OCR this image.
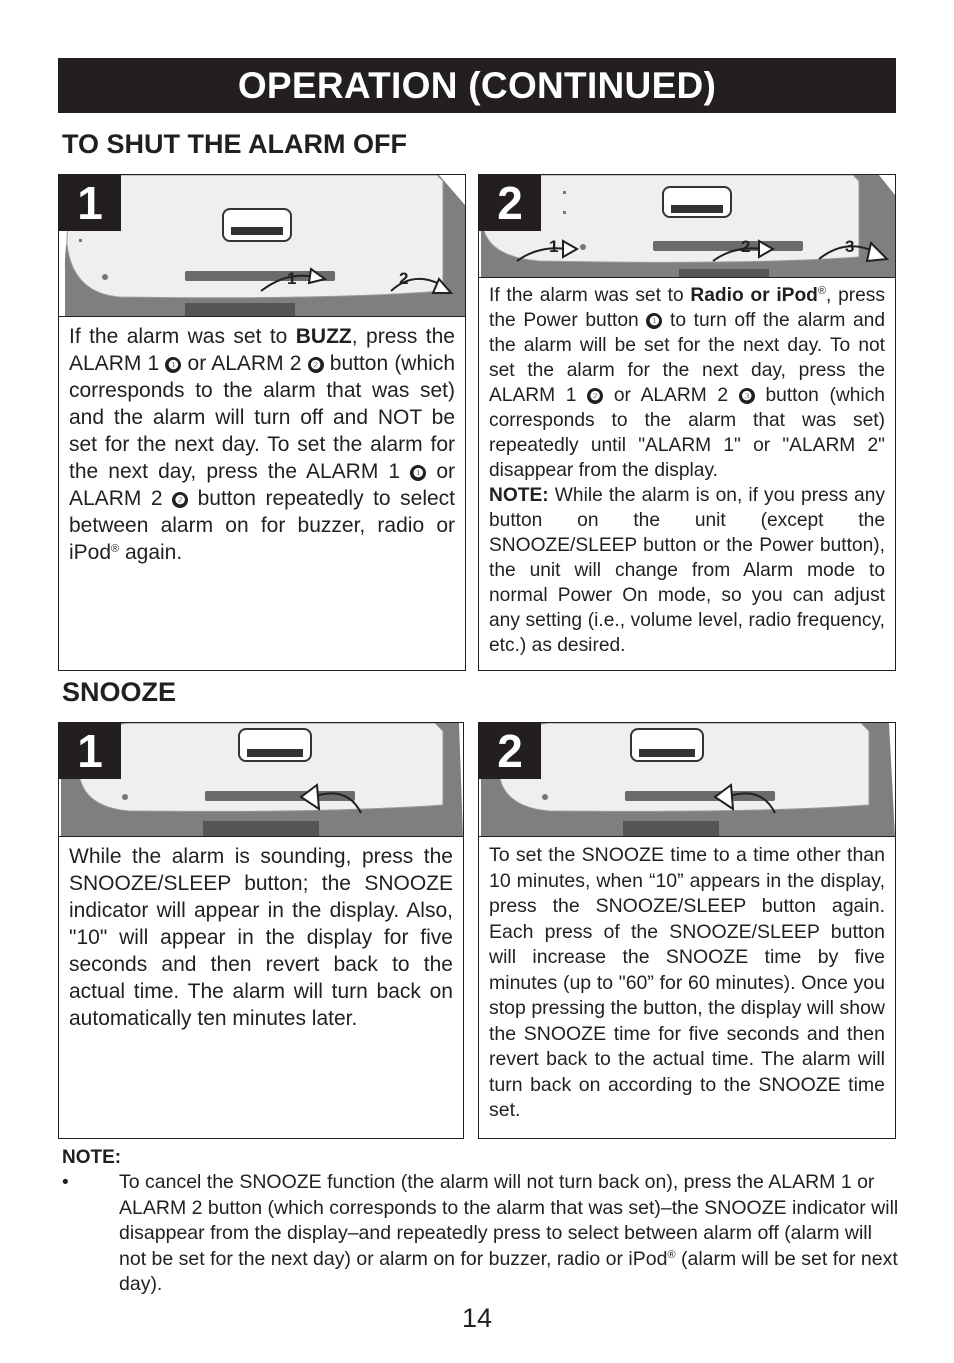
OPERATION (CONTINUED)
TO SHUT THE ALARM OFF
1	2
1

If the alarm was set to BUZZ, press the ALARM 1 ❶ or ALARM 2 ❷ button (which corresponds to the alarm that was set) and the alarm will turn off and NOT be set for the next day. To set the alarm for the next day, press the ALARM 1 ❶ or ALARM 2 ❷ button repeatedly to select between alarm on for buzzer, radio or iPod® again.

1	2	3
2

If the alarm was set to Radio or iPod®, press the Power button ❶ to turn off the alarm and the alarm will be set for the next day. To not set the alarm for the next day, press the ALARM 1 ❷ or ALARM 2 ❸ button (which corresponds to the alarm that was set) repeatedly until "ALARM 1" or "ALARM 2" disappear from the display.

NOTE: While the alarm is on, if you press any button on the unit (except the SNOOZE/SLEEP button or the Power button), the unit will change from Alarm mode to normal Power On mode, so you can adjust any setting (i.e., volume level, radio frequency, etc.) as desired.

SNOOZE
1
While the alarm is sounding, press the SNOOZE/SLEEP button; the SNOOZE indicator will appear in the display. Also, "10" will appear in the display for five seconds and then revert back to the actual time. The alarm will turn back on automatically ten minutes later.
2
To set the SNOOZE time to a time other than 10 minutes, when “10” appears in the display, press the SNOOZE/SLEEP button again. Each press of the SNOOZE/SLEEP button will increase the SNOOZE time by five minutes (up to "60” for 60 minutes). Once you stop pressing the button, the display will show the SNOOZE time for five seconds and then revert back to the actual time. The alarm will turn back on according to the SNOOZE time set.
NOTE:
•	To cancel the SNOOZE function (the alarm will not turn back on), press the ALARM 1 or ALARM 2 button (which corresponds to the alarm that was set)–the SNOOZE indicator will disappear from the display–and repeatedly press to select between alarm off (alarm will not be set for the next day) or alarm on for buzzer, radio or iPod® (alarm will be set for next day).
14
